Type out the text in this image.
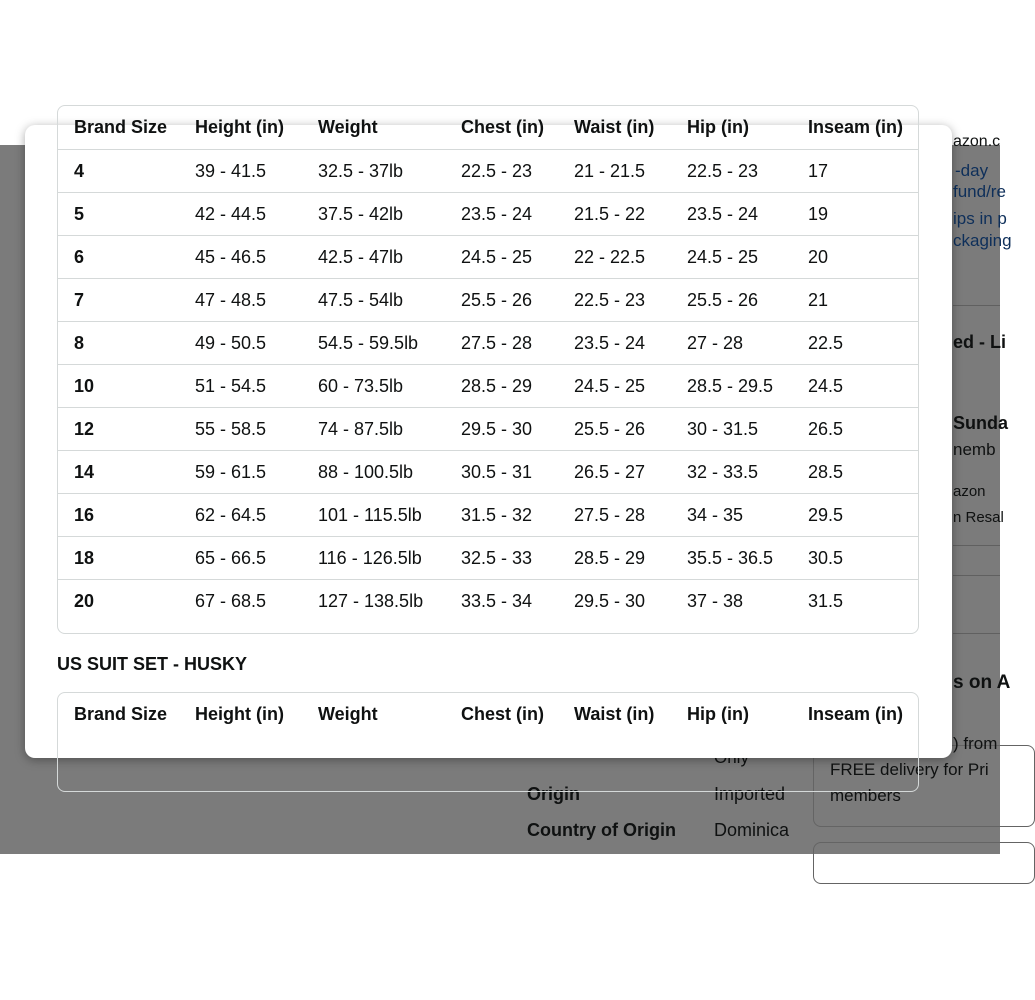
azon.c
-day
fund/re
ips in p
ckaging
ed - Li
Sunda
nemb
azon
n Resal
s on A
) from
FREE delivery for Pri
members
Origin	Imported
Country of Origin Dominica
Brand Size Height (in) Weight	Chest (in) Waist (in) Hip (in)	Inseam (in)
4	39 - 41.5	32.5 - 37lb	22.5 - 23 21 - 21.5 22.5 - 23	17
5	42 - 44.5	37.5 - 42lb	23.5 - 24 21.5 - 22 23.5 - 24	19
6	45 - 46.5	42.5 - 47lb	24.5 - 25 22 - 22.5 24.5 - 25	20
7	47 - 48.5	47.5 - 54lb	25.5 - 26 22.5 - 23 25.5 - 26	21
8	49 - 50.5	54.5 - 59.5lb 27.5 - 28 23.5 - 24 27 - 28	22.5
10	51 - 54.5	60 - 73.5lb	28.5 - 29 24.5 - 25 28.5 - 29.5 24.5
12	55 - 58.5	74 - 87.5lb	29.5 - 30 25.5 - 26 30 - 31.5	26.5
14	59 - 61.5	88 - 100.5lb	30.5 - 31 26.5 - 27 32 - 33.5	28.5
16	62 - 64.5	101 - 115.5lb 31.5 - 32 27.5 - 28 34 - 35	29.5
18	65 - 66.5	116 - 126.5lb 32.5 - 33 28.5 - 29 35.5 - 36.5 30.5
20	67 - 68.5	127 - 138.5lb 33.5 - 34 29.5 - 30 37 - 38	31.5
US SUIT SET - HUSKY
Brand Size Height (in) Weight	Chest (in) Waist (in) Hip (in)	Inseam (in)
